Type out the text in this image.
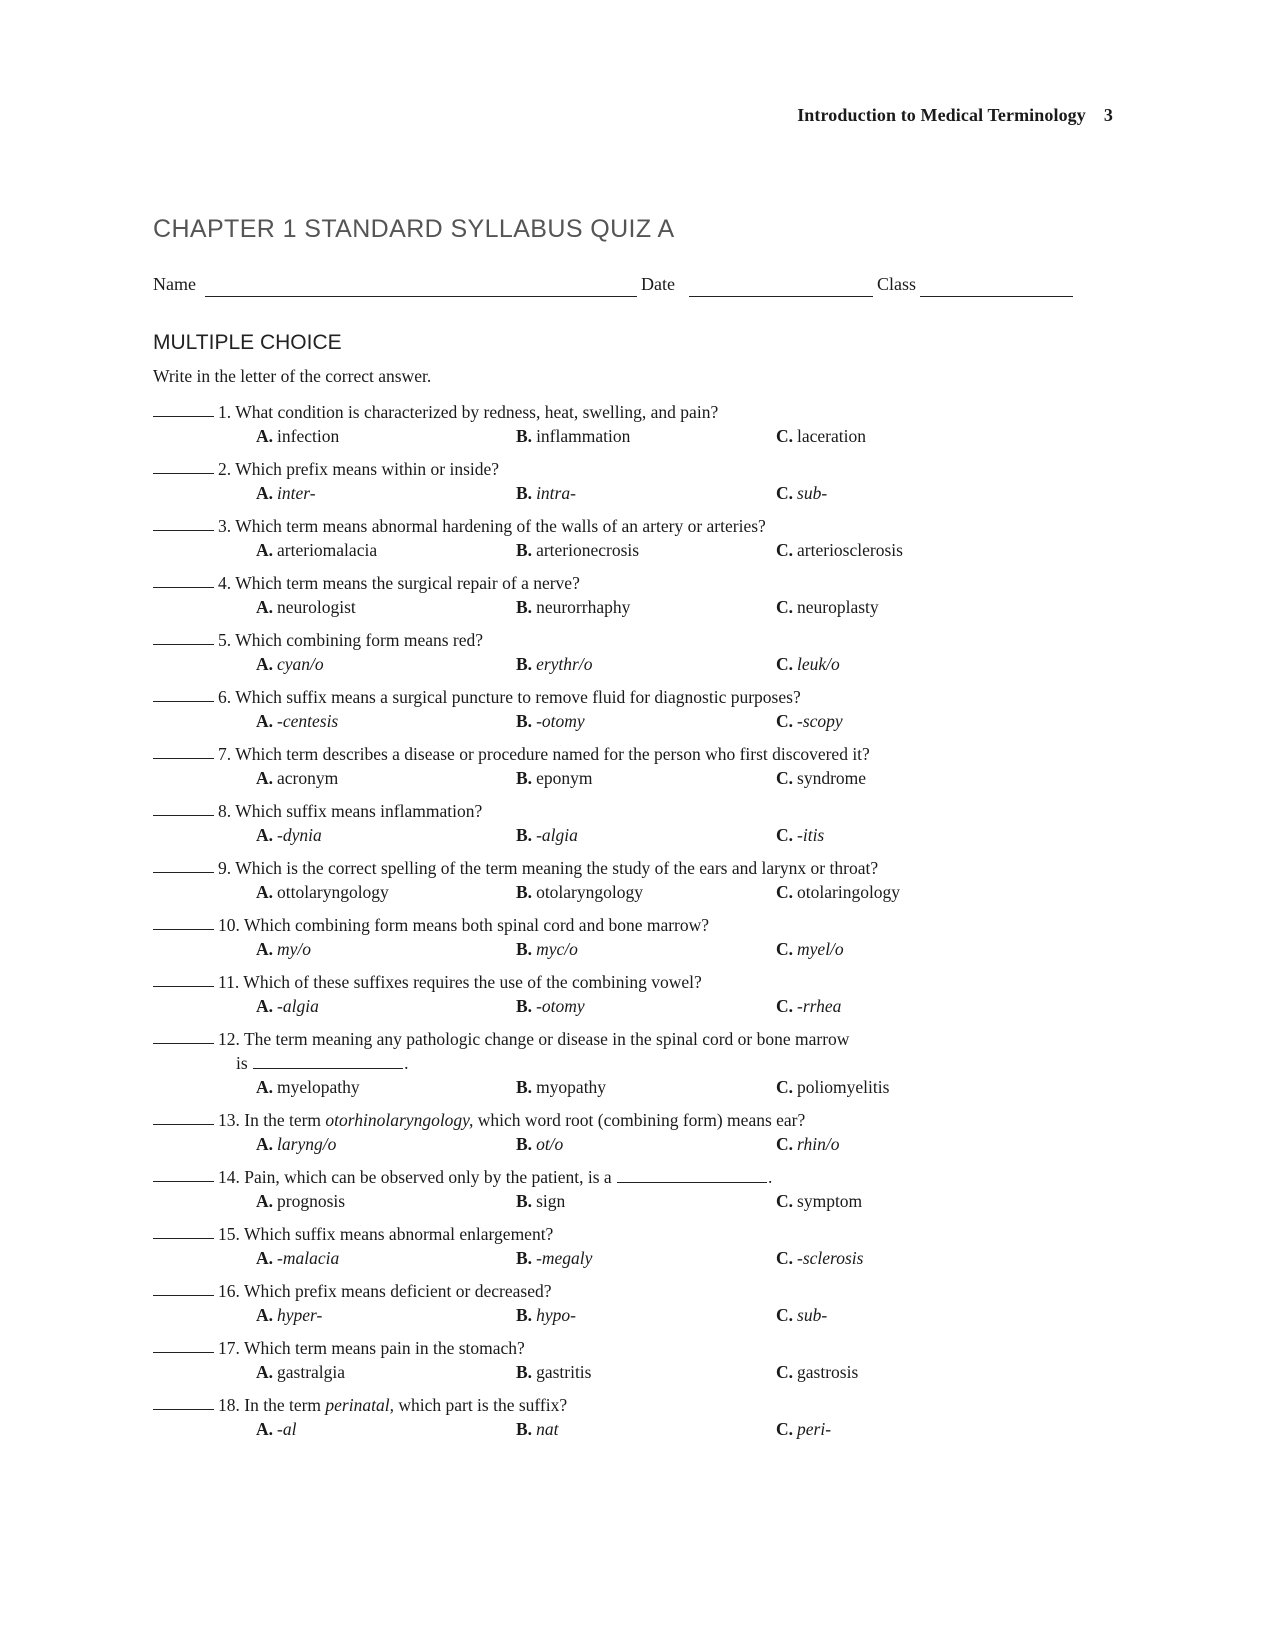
Introduction to Medical Terminology 3
CHAPTER 1 STANDARD SYLLABUS QUIZ A
Name	Date	Class
MULTIPLE CHOICE
Write in the letter of the correct answer.
1. What condition is characterized by redness, heat, swelling, and pain?
A. infection	B. inflammation	C. laceration
2. Which prefix means within or inside?
A. inter-	B. intra-	C. sub-
3. Which term means abnormal hardening of the walls of an artery or arteries?
A. arteriomalacia	B. arterionecrosis	C. arteriosclerosis
4. Which term means the surgical repair of a nerve?
A. neurologist	B. neurorrhaphy	C. neuroplasty
5. Which combining form means red?
A. cyan/o	B. erythr/o	C. leuk/o
6. Which suffix means a surgical puncture to remove fluid for diagnostic purposes?
A. -centesis	B. -otomy	C. -scopy
7. Which term describes a disease or procedure named for the person who first discovered it?
A. acronym	B. eponym	C. syndrome
8. Which suffix means inflammation?
A. -dynia	B. -algia	C. -itis
9. Which is the correct spelling of the term meaning the study of the ears and larynx or throat?
A. ottolaryngology	B. otolaryngology	C. otolaringology
10. Which combining form means both spinal cord and bone marrow?
A. my/o	B. myc/o	C. myel/o
11. Which of these suffixes requires the use of the combining vowel?
A. -algia	B. -otomy	C. -rrhea
12. The term meaning any pathologic change or disease in the spinal cord or bone marrow
is	.
A. myelopathy	B. myopathy	C. poliomyelitis
13. In the term otorhinolaryngology, which word root (combining form) means ear?
A. laryng/o	B. ot/o	C. rhin/o
14. Pain, which can be observed only by the patient, is a	.
A. prognosis	B. sign	C. symptom
15. Which suffix means abnormal enlargement?
A. -malacia	B. -megaly	C. -sclerosis
16. Which prefix means deficient or decreased?
A. hyper-	B. hypo-	C. sub-
17. Which term means pain in the stomach?
A. gastralgia	B. gastritis	C. gastrosis
18. In the term perinatal, which part is the suffix?
A. -al	B. nat	C. peri-
